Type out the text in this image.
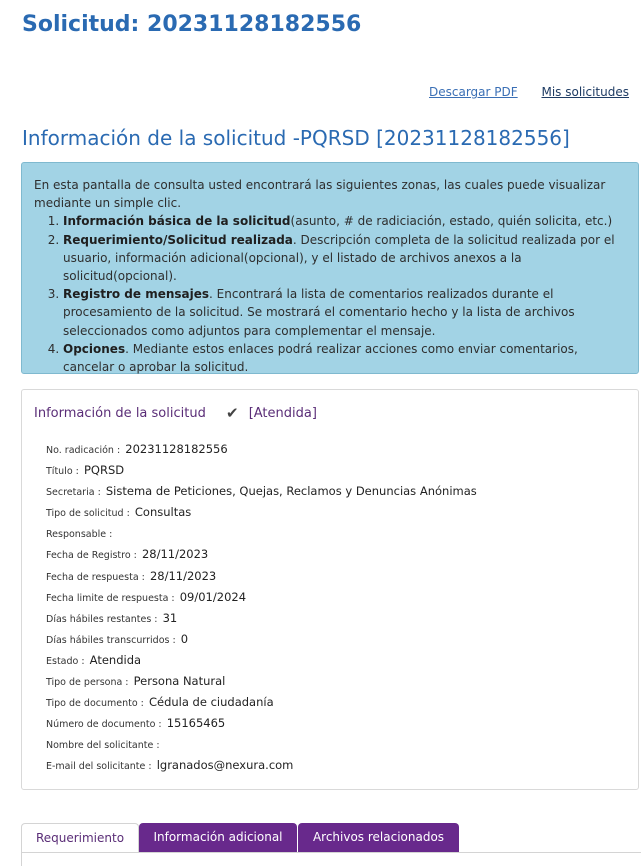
Solicitud: 20231128182556
Descargar PDF Mis solicitudes
Información de la solicitud -PQRSD [20231128182556]

En esta pantalla de consulta usted encontrará las siguientes zonas, las cuales puede visualizar mediante un simple clic.

1. Información básica de la solicitud(asunto, # de radiciación, estado, quién solicita, etc.)
2. Requerimiento/Solicitud realizada. Descripción completa de la solicitud realizada por el usuario, información adicional(opcional), y el listado de archivos anexos a la solicitud(opcional).
3. Registro de mensajes. Encontrará la lista de comentarios realizados durante el procesamiento de la solicitud. Se mostrará el comentario hecho y la lista de archivos seleccionados como adjuntos para complementar el mensaje.
4. Opciones. Mediante estos enlaces podrá realizar acciones como enviar comentarios, cancelar o aprobar la solicitud.
Información de la solicitud ✔ [Atendida]
No. radicación : 20231128182556
Título : PQRSD
Secretaria : Sistema de Peticiones, Quejas, Reclamos y Denuncias Anónimas
Tipo de solicitud : Consultas
Responsable :
Fecha de Registro : 28/11/2023
Fecha de respuesta : 28/11/2023
Fecha limite de respuesta : 09/01/2024
Días hábiles restantes : 31
Días hábiles transcurridos : 0
Estado : Atendida
Tipo de persona : Persona Natural
Tipo de documento : Cédula de ciudadanía
Número de documento : 15165465
Nombre del solicitante :
E-mail del solicitante : lgranados@nexura.com
Requerimiento	Información adicional	Archivos relacionados
